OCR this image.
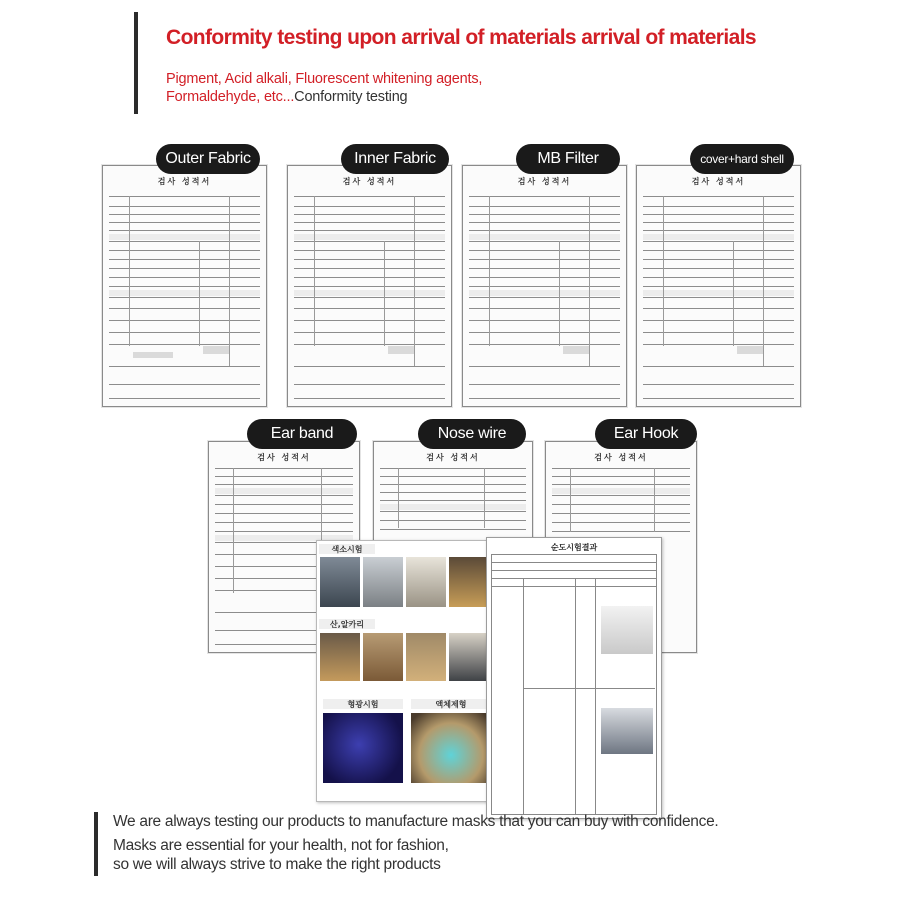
Conformity testing upon arrival of materials arrival of materials
Pigment, Acid alkali, Fluorescent whitening agents,
Formaldehyde, etc...Conformity testing
검사 성적서
Outer Fabric
검사 성적서
Inner Fabric
검사 성적서
MB Filter
검사 성적서
cover+hard shell
검사 성적서
Ear band
검사 성적서
Nose wire
검사 성적서
Ear Hook
색소시험
산,알카리
형광시험	액체제형
순도시험결과
We are always testing our products to manufacture masks that you can buy with confidence.
Masks are essential for your health, not for fashion,
so we will always strive to make the right products
